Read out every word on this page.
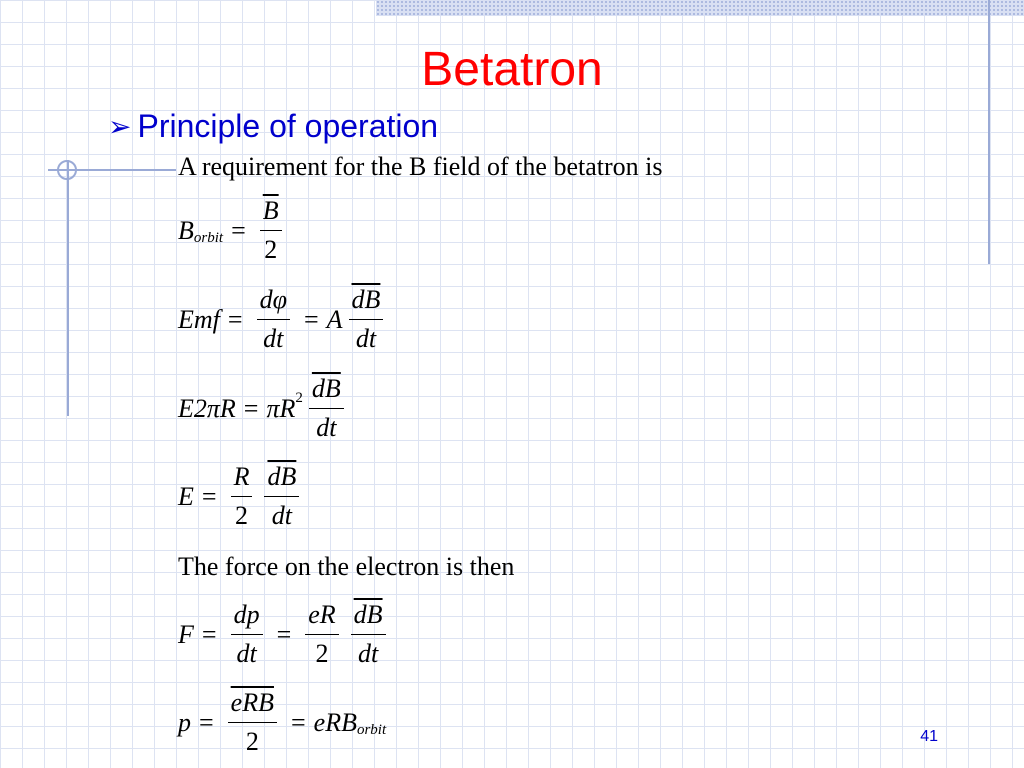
Betatron
➢ Principle of operation
A requirement for the B field of the betatron is
B orbit = $\frac{\overline{B}}{2}$
Emf = $\frac{d\varphi}{dt} = A \frac{\overline{dB}}{dt}$
E2πR = πR $2 \frac{\overline{dB}}{dt}$
$E = \frac{R}{2} \frac{\overline{dB}}{dt}$
The force on the electron is then
$F = \frac{dp}{dt} = \frac{eR}{2} \frac{\overline{dB}}{dt}$
$p = \frac{\overline{eRB}}{2}$ = eRB orbit	41
